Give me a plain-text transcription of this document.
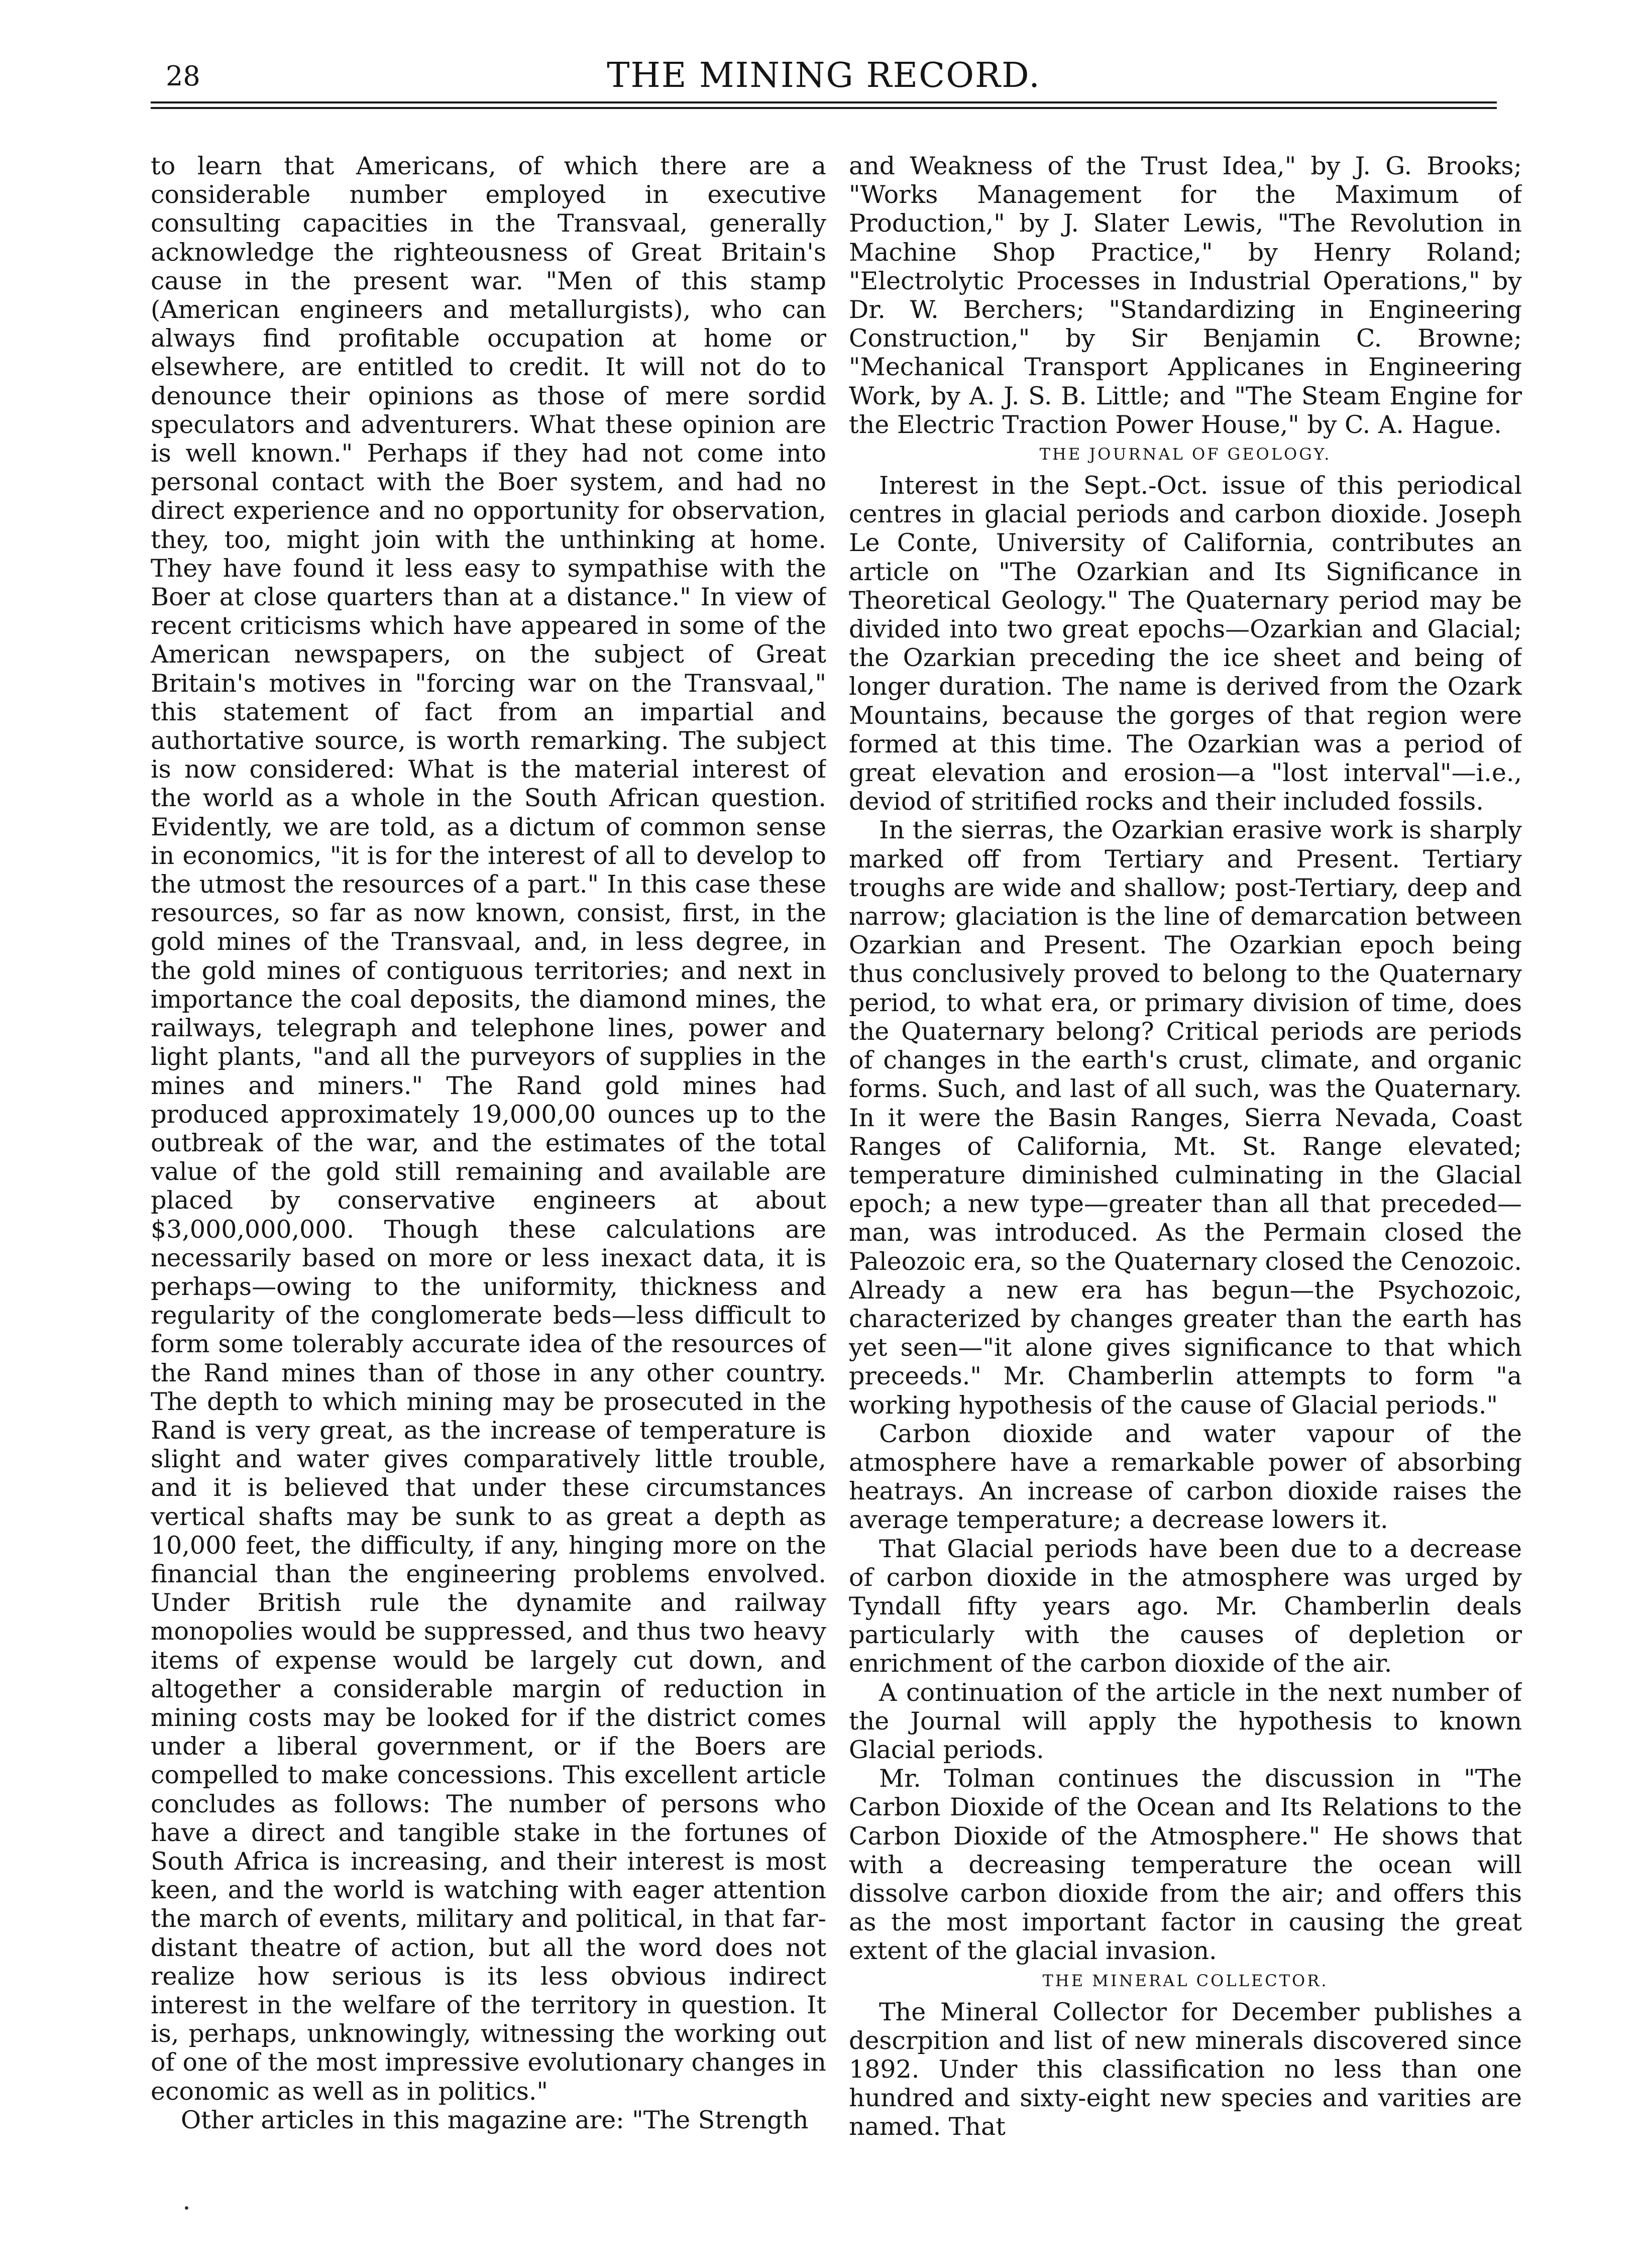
28	THE MINING RECORD.

to learn that Americans, of which there are a considerable number employed in executive consulting capacities in the Transvaal, generally acknowledge the righteousness of Great Britain's cause in the present war. "Men of this stamp (American engineers and metallurgists), who can always find profitable occupation at home or elsewhere, are entitled to credit. It will not do to denounce their opinions as those of mere sordid speculators and adventurers. What these opinion are is well known." Perhaps if they had not come into personal contact with the Boer system, and had no direct experience and no opportunity for observation, they, too, might join with the unthinking at home. They have found it less easy to sympathise with the Boer at close quarters than at a distance." In view of recent criticisms which have appeared in some of the American newspapers, on the subject of Great Britain's motives in "forcing war on the Transvaal," this statement of fact from an impartial and authortative source, is worth remarking. The subject is now considered: What is the material interest of the world as a whole in the South African question. Evidently, we are told, as a dictum of common sense in economics, "it is for the interest of all to develop to the utmost the resources of a part." In this case these resources, so far as now known, consist, first, in the gold mines of the Transvaal, and, in less degree, in the gold mines of contiguous territories; and next in importance the coal deposits, the diamond mines, the railways, telegraph and telephone lines, power and light plants, "and all the purveyors of supplies in the mines and miners." The Rand gold mines had produced approximately 19,000,00 ounces up to the outbreak of the war, and the estimates of the total value of the gold still remaining and available are placed by conservative engineers at about $3,000,000,000. Though these calculations are necessarily based on more or less inexact data, it is perhaps—owing to the uniformity, thickness and regularity of the conglomerate beds—less difficult to form some tolerably accurate idea of the resources of the Rand mines than of those in any other country. The depth to which mining may be prosecuted in the Rand is very great, as the increase of temperature is slight and water gives comparatively little trouble, and it is believed that under these circumstances vertical shafts may be sunk to as great a depth as 10,000 feet, the difficulty, if any, hinging more on the financial than the engineering problems envolved. Under British rule the dynamite and railway monopolies would be suppressed, and thus two heavy items of expense would be largely cut down, and altogether a considerable margin of reduction in mining costs may be looked for if the district comes under a liberal government, or if the Boers are compelled to make concessions. This excellent article concludes as follows: The number of persons who have a direct and tangible stake in the fortunes of South Africa is increasing, and their interest is most keen, and the world is watching with eager attention the march of events, military and political, in that far-distant theatre of action, but all the word does not realize how serious is its less obvious indirect interest in the welfare of the territory in question. It is, perhaps, unknowingly, witnessing the working out of one of the most impressive evolutionary changes in economic as well as in politics."

Other articles in this magazine are: "The Strength

and Weakness of the Trust Idea," by J. G. Brooks; "Works Management for the Maximum of Production," by J. Slater Lewis, "The Revolution in Machine Shop Practice," by Henry Roland; "Electrolytic Processes in Industrial Operations," by Dr. W. Berchers; "Standardizing in Engineering Construction," by Sir Benjamin C. Browne; "Mechanical Transport Applicanes in Engineering Work, by A. J. S. B. Little; and "The Steam Engine for the Electric Traction Power House," by C. A. Hague.

THE JOURNAL OF GEOLOGY.

Interest in the Sept.-Oct. issue of this periodical centres in glacial periods and carbon dioxide. Joseph Le Conte, University of California, contributes an article on "The Ozarkian and Its Significance in Theoretical Geology." The Quaternary period may be divided into two great epochs—Ozarkian and Glacial; the Ozarkian preceding the ice sheet and being of longer duration. The name is derived from the Ozark Mountains, because the gorges of that region were formed at this time. The Ozarkian was a period of great elevation and erosion—a "lost interval"—i.e., deviod of stritified rocks and their included fossils.

In the sierras, the Ozarkian erasive work is sharply marked off from Tertiary and Present. Tertiary troughs are wide and shallow; post-Tertiary, deep and narrow; glaciation is the line of demarcation between Ozarkian and Present. The Ozarkian epoch being thus conclusively proved to belong to the Quaternary period, to what era, or primary division of time, does the Quaternary belong? Critical periods are periods of changes in the earth's crust, climate, and organic forms. Such, and last of all such, was the Quaternary. In it were the Basin Ranges, Sierra Nevada, Coast Ranges of California, Mt. St. Range elevated; temperature diminished culminating in the Glacial epoch; a new type—greater than all that preceded—man, was introduced. As the Permain closed the Paleozoic era, so the Quaternary closed the Cenozoic. Already a new era has begun—the Psychozoic, characterized by changes greater than the earth has yet seen—"it alone gives significance to that which preceeds." Mr. Chamberlin attempts to form "a working hypothesis of the cause of Glacial periods."

Carbon dioxide and water vapour of the atmosphere have a remarkable power of absorbing heatrays. An increase of carbon dioxide raises the average temperature; a decrease lowers it.

That Glacial periods have been due to a decrease of carbon dioxide in the atmosphere was urged by Tyndall fifty years ago. Mr. Chamberlin deals particularly with the causes of depletion or enrichment of the carbon dioxide of the air.

A continuation of the article in the next number of the Journal will apply the hypothesis to known Glacial periods.

Mr. Tolman continues the discussion in "The Carbon Dioxide of the Ocean and Its Relations to the Carbon Dioxide of the Atmosphere." He shows that with a decreasing temperature the ocean will dissolve carbon dioxide from the air; and offers this as the most important factor in causing the great extent of the glacial invasion.

THE MINERAL COLLECTOR.

The Mineral Collector for December publishes a descrpition and list of new minerals discovered since 1892. Under this classification no less than one hundred and sixty-eight new species and varities are named. That
